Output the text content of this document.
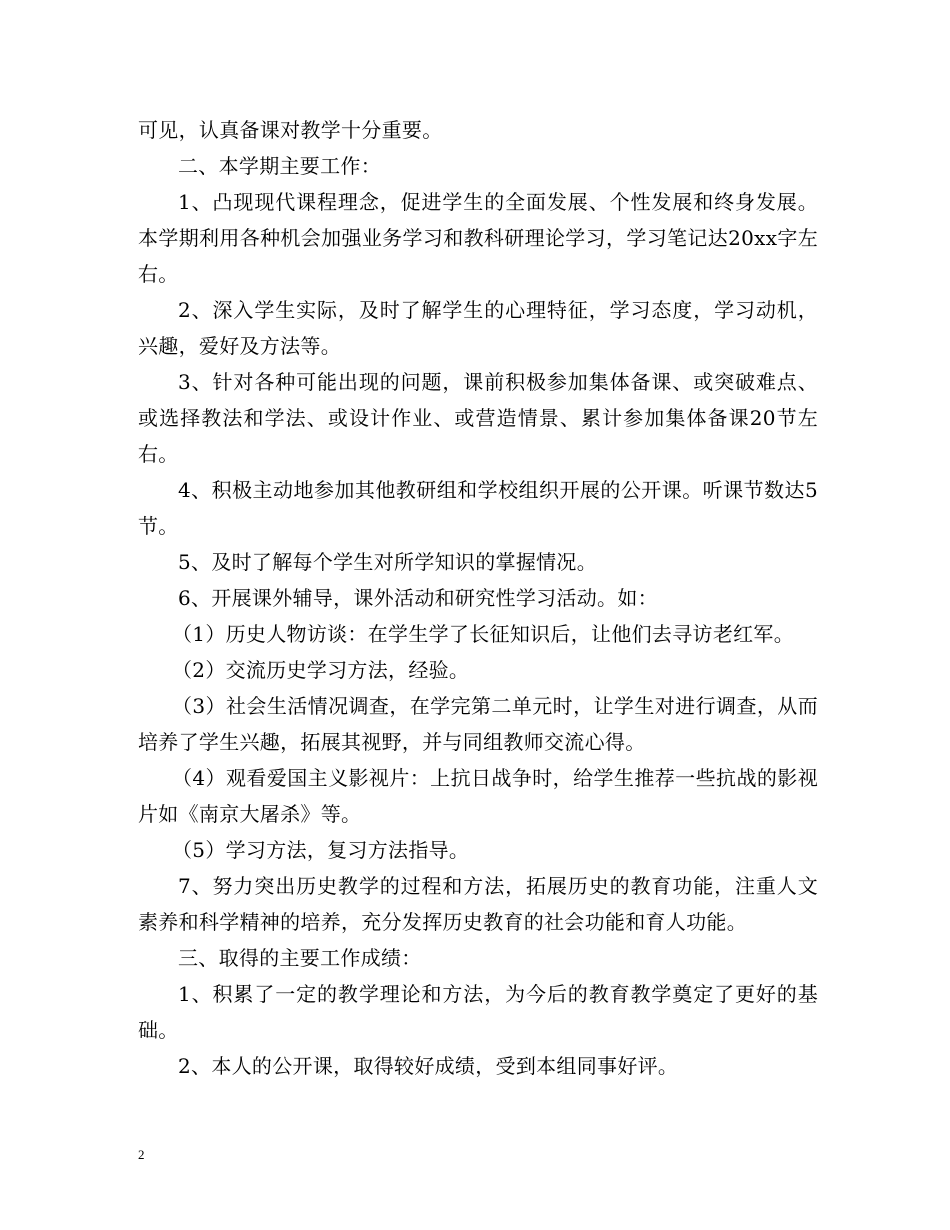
可见，认真备课对教学十分重要。

二、本学期主要工作：

1、凸现现代课程理念，促进学生的全面发展、个性发展和终身发展。本学期利用各种机会加强业务学习和教科研理论学习，学习笔记达20xx字左右。

2、深入学生实际，及时了解学生的心理特征，学习态度，学习动机，兴趣，爱好及方法等。

3、针对各种可能出现的问题，课前积极参加集体备课、或突破难点、或选择教法和学法、或设计作业、或营造情景、累计参加集体备课20节左右。

4、积极主动地参加其他教研组和学校组织开展的公开课。听课节数达5节。

5、及时了解每个学生对所学知识的掌握情况。

6、开展课外辅导，课外活动和研究性学习活动。如：

（1）历史人物访谈：在学生学了长征知识后，让他们去寻访老红军。

（2）交流历史学习方法，经验。

（3）社会生活情况调查，在学完第二单元时，让学生对进行调查，从而培养了学生兴趣，拓展其视野，并与同组教师交流心得。

（4）观看爱国主义影视片：上抗日战争时，给学生推荐一些抗战的影视片如《南京大屠杀》等。

（5）学习方法，复习方法指导。

7、努力突出历史教学的过程和方法，拓展历史的教育功能，注重人文素养和科学精神的培养，充分发挥历史教育的社会功能和育人功能。

三、取得的主要工作成绩：

1、积累了一定的教学理论和方法，为今后的教育教学奠定了更好的基础。

2、本人的公开课，取得较好成绩，受到本组同事好评。

2
